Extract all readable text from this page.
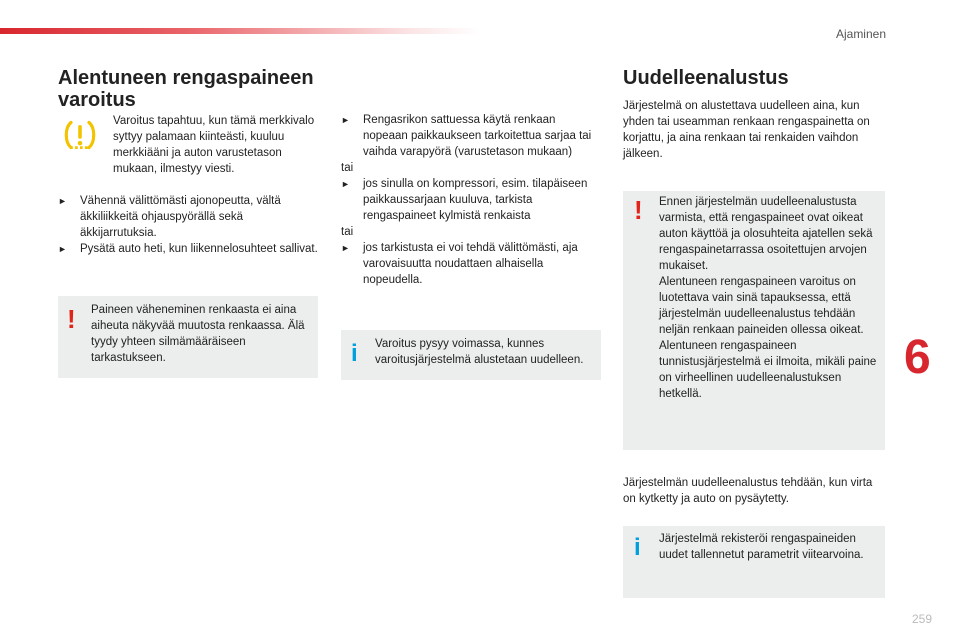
Ajaminen
Alentuneen rengaspaineen varoitus

Varoitus tapahtuu, kun tämä merkkivalo syttyy palamaan kiinteästi, kuuluu merkkiääni ja auton varustetason mukaan, ilmestyy viesti.

►	Vähennä välittömästi ajonopeutta, vältä äkkiliikkeitä ohjauspyörällä sekä äkkijarrutuksia.

►	Pysätä auto heti, kun liikennelosuhteet sallivat.

! Paineen väheneminen renkaasta ei aina aiheuta näkyvää muutosta renkaassa. Älä tyydy yhteen silmämääräiseen tarkastukseen.

►	Rengasrikon sattuessa käytä renkaan nopeaan paikkaukseen tarkoitettua sarjaa tai vaihda varapyörä (varustetason mukaan)

tai

►	jos sinulla on kompressori, esim. tilapäiseen paikkaussarjaan kuuluva, tarkista rengaspaineet kylmistä renkaista

tai

►	jos tarkistusta ei voi tehdä välittömästi, aja varovaisuutta noudattaen alhaisella nopeudella.

i Varoitus pysyy voimassa, kunnes varoitusjärjestelmä alustetaan uudelleen.

Uudelleenalustus

Järjestelmä on alustettava uudelleen aina, kun yhden tai useamman renkaan rengaspainetta on korjattu, ja aina renkaan tai renkaiden vaihdon jälkeen.

! Ennen järjestelmän uudelleenalustusta varmista, että rengaspaineet ovat oikeat auton käyttöä ja olosuhteita ajatellen sekä rengaspainetarrassa osoitettujen arvojen mukaiset.
Alentuneen rengaspaineen varoitus on luotettava vain sinä tapauksessa, että järjestelmän uudelleenalustus tehdään neljän renkaan paineiden ollessa oikeat.
Alentuneen rengaspaineen tunnistusjärjestelmä ei ilmoita, mikäli paine on virheellinen uudelleenalustuksen hetkellä.

Järjestelmän uudelleenalustus tehdään, kun virta on kytketty ja auto on pysäytetty.

i Järjestelmä rekisteröi rengaspaineiden uudet tallennetut parametrit viitearvoina.

6
259
